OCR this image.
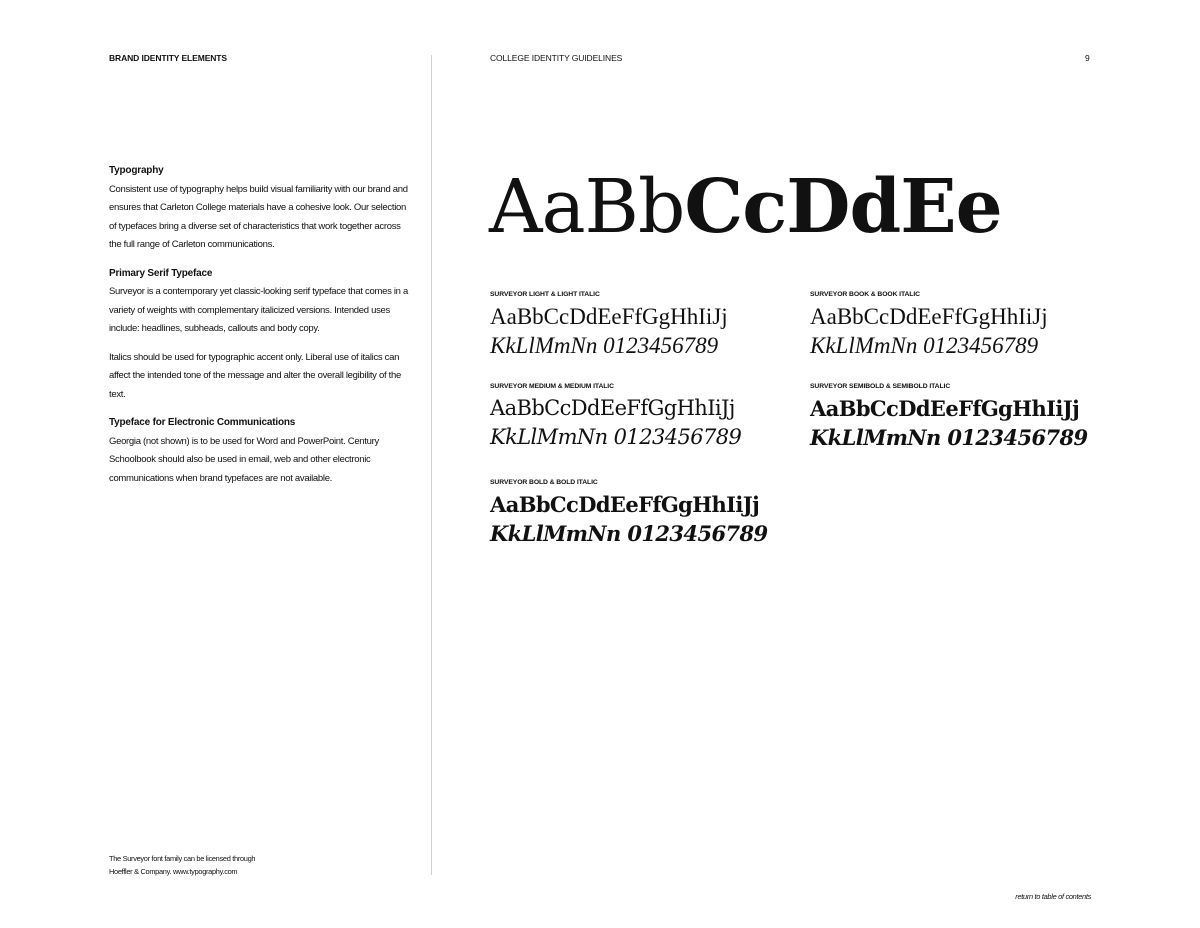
BRAND IDENTITY ELEMENTS	COLLEGE IDENTITY GUIDELINES	9
Typography

Consistent use of typography helps build visual familiarity with our brand and ensures that Carleton College materials have a cohesive look. Our selection of typefaces bring a diverse set of characteristics that work together across the full range of Carleton communications.

Primary Serif Typeface

Surveyor is a contemporary yet classic-looking serif typeface that comes in a variety of weights with complementary italicized versions. Intended uses include: headlines, subheads, callouts and body copy.

Italics should be used for typographic accent only. Liberal use of italics can affect the intended tone of the message and alter the overall legibility of the text.

Typeface for Electronic Communications

Georgia (not shown) is to be used for Word and PowerPoint. Century Schoolbook should also be used in email, web and other electronic communications when brand typefaces are not available.

The Surveyor font family can be licensed through
Hoeffler & Company. www.typography.com
return to table of contents
AaBbCcDdEe
SURVEYOR LIGHT & LIGHT ITALIC
AaBbCcDdEeFfGgHhIiJj
KkLlMmNn 0123456789
SURVEYOR BOOK & BOOK ITALIC
AaBbCcDdEeFfGgHhIiJj
KkLlMmNn 0123456789
SURVEYOR MEDIUM & MEDIUM ITALIC
AaBbCcDdEeFfGgHhIiJj
KkLlMmNn 0123456789
SURVEYOR SEMIBOLD & SEMIBOLD ITALIC
AaBbCcDdEeFfGgHhIiJj
KkLlMmNn 0123456789
SURVEYOR BOLD & BOLD ITALIC
AaBbCcDdEeFfGgHhIiJj
KkLlMmNn 0123456789
